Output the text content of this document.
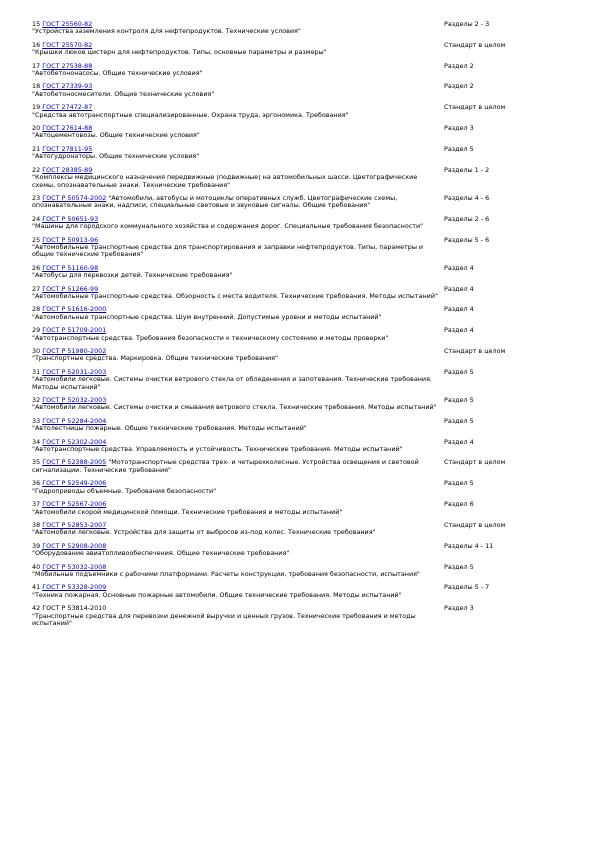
15 ГОСТ 25560-82
"Устройства заземления контроля для нефтепродуктов. Технические условия"
Разделы 2 - 3
16 ГОСТ 25570-82
"Крышки люков цистерн для нефтепродуктов. Типы, основные параметры и размеры"
Стандарт в целом
17 ГОСТ 27538-88
"Автобетононасосы. Общие технические условия"
Раздел 2
18 ГОСТ 27339-93
"Автобетоносмесители. Общие технические условия"
Раздел 2
19 ГОСТ 27472-87
"Средства автотранспортные специализированные. Охрана труда, эргономика. Требования"
Стандарт в целом
20 ГОСТ 27614-88
"Автоцементовозы. Общие технические условия"
Раздел 3
21 ГОСТ 27811-95
"Автогудронаторы. Общие технические условия"
Раздел 5
22 ГОСТ 28385-89
"Комплексы медицинского назначения передвижные (подвижные) на автомобильных шасси. Цветографические схемы, опознавательные знаки. Технические требования"
Разделы 1 - 2
23 ГОСТ Р 50574-2002 "Автомобили, автобусы и мотоциклы оперативных служб. Цветографические схемы, опознавательные знаки, надписи, специальные световые и звуковые сигналы. Общие требования"
Разделы 4 - 6
24 ГОСТ Р 50651-93
"Машины для городского коммунального хозяйства и содержания дорог. Специальные требования безопасности"
Разделы 2 - 6
25 ГОСТ Р 50913-96
"Автомобильные транспортные средства для транспортирования и заправки нефтепродуктов. Типы, параметры и общие технические требования"
Разделы 5 - 6
26 ГОСТ Р 51160-98
"Автобусы для перевозки детей. Технические требования"
Раздел 4
27 ГОСТ Р 51266-99
"Автомобильные транспортные средства. Обзорность с места водителя. Технические требования. Методы испытаний"
Раздел 4
28 ГОСТ Р 51616-2000
"Автомобильные транспортные средства. Шум внутренний. Допустимые уровни и методы испытаний"
Раздел 4
29 ГОСТ Р 51709-2001
"Автотранспортные средства. Требования безопасности к техническому состоянию и методы проверки"
Раздел 4
30 ГОСТ Р 51980-2002
"Транспортные средства. Маркировка. Общие технические требования"
Стандарт в целом
31 ГОСТ Р 52031-2003
"Автомобили легковые. Системы очистки ветрового стекла от обледенения и запотевания. Технические требования. Методы испытаний"
Раздел 5
32 ГОСТ Р 52032-2003
"Автомобили легковые. Системы очистки и смывания ветрового стекла. Технические требования. Методы испытаний"
Раздел 5
33 ГОСТ Р 52284-2004
"Автолестницы пожарные. Общие технические требования. Методы испытаний"
Раздел 5
34 ГОСТ Р 52302-2004
"Автотранспортные средства. Управляемость и устойчивость. Технические требования. Методы испытаний"
Раздел 4
35 ГОСТ Р 52388-2005 "Мототранспортные средства трех- и четырехколесные. Устройства освещения и световой сигнализации. Технические требования"
Стандарт в целом
36 ГОСТ Р 52549-2006
"Гидроприводы объемные. Требования безопасности"
Раздел 5
37 ГОСТ Р 52567-2006
"Автомобили скорой медицинской помощи. Технические требования и методы испытаний"
Раздел 6
38 ГОСТ Р 52853-2007
"Автомобили легковые. Устройства для защиты от выбросов из-под колес. Технические требования"
Стандарт в целом
39 ГОСТ Р 52908-2008
"Оборудование авиатопливообеспечения. Общие технические требования"
Разделы 4 - 11
40 ГОСТ Р 53032-2008
"Мобильные подъемники с рабочими платформами. Расчеты конструкции, требования безопасности, испытания"
Раздел 5
41 ГОСТ Р 53328-2009
"Техника пожарная. Основные пожарные автомобили. Общие технические требования. Методы испытаний"
Разделы 5 - 7
42 ГОСТ Р 53814-2010
"Транспортные средства для перевозки денежной выручки и ценных грузов. Технические требования и методы испытаний"
Раздел 3
